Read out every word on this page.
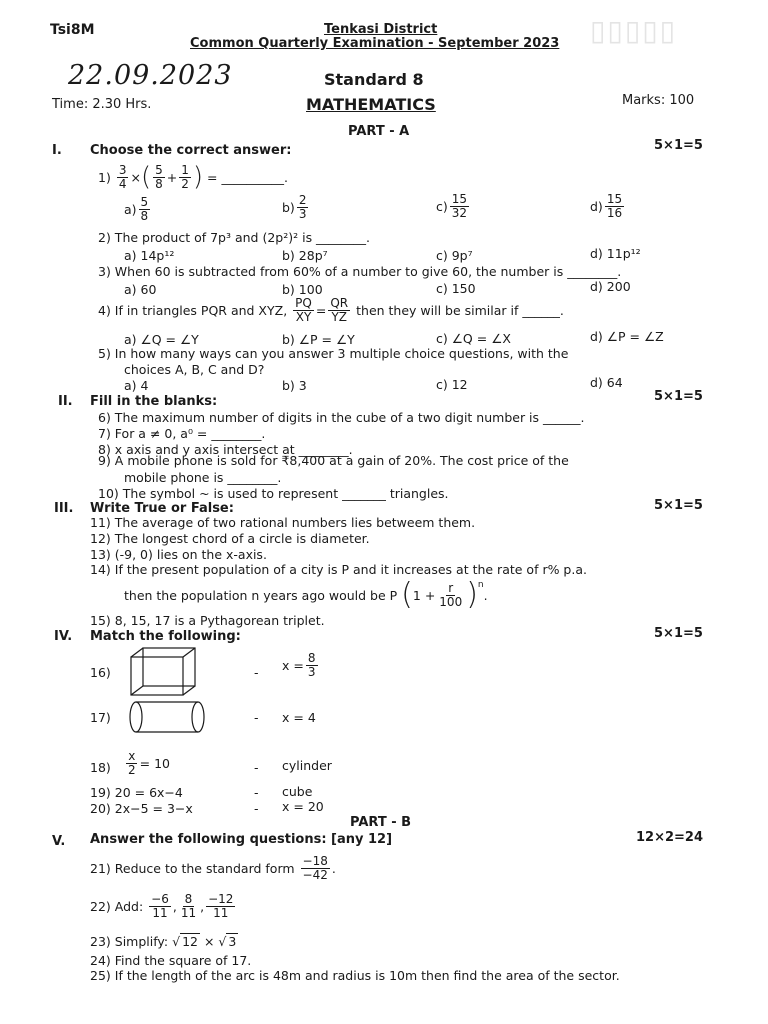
Tsi8M	Tenkasi District
Common Quarterly Examination - September 2023 ▯▯▯▯▯
22.09.2023	Standard 8
Time: 2.30 Hrs.	MATHEMATICS	Marks: 100
PART - A
I. Choose the correct answer:	5×1=5
1)
$\frac{3}{4}$ × ( $\frac{5}{8} + \frac{1}{2}$ )
= __________.
$a) \frac{5}{8}$	$b) \frac{2}{3}$	$c) \frac{15}{32}$	$d) \frac{15}{16}$
2) The product of 7p³ and (2p²)² is ________.
a) 14p¹²	b) 28p⁷	c) 9p⁷	d) 11p¹²
3) When 60 is subtracted from 60% of a number to give 60, the number is ________.
a) 60	b) 100	c) 150	d) 200
4) If in triangles PQR and XYZ,
$\frac{PQ}{XY} = \frac{QR}{YZ}$
then they will be similar if ______.
a) ∠Q = ∠Y	b) ∠P = ∠Y	c) ∠Q = ∠X	d) ∠P = ∠Z
5) In how many ways can you answer 3 multiple choice questions, with the
choices A, B, C and D?
a) 4	b) 3	c) 12	d) 64
II. Fill in the blanks:	5×1=5
6) The maximum number of digits in the cube of a two digit number is ______.
7) For a ≠ 0, a⁰ = ________.
8) x axis and y axis intersect at ________.
9) A mobile phone is sold for ₹8,400 at a gain of 20%. The cost price of the
mobile phone is ________.
10) The symbol ~ is used to represent _______ triangles.
III. Write True or False:	5×1=5
11) The average of two rational numbers lies betweem them.
12) The longest chord of a circle is diameter.
13) (-9, 0) lies on the x-axis.
14) If the present population of a city is P and it increases at the rate of r% p.a.
then the population n years ago would be P
( $1 + \frac{r}{100}$ ) n
.
15) 8, 15, 17 is a Pythagorean triplet.
IV. Match the following:	5×1=5
16)	- $x = \frac{8}{3}$
17)	- x = 4
$18) \frac{x}{2} = 10$	- cylinder
19) 20 = 6x−4	- cube
20) 2x−5 = 3−x	- x = 20
PART - B
V. Answer the following questions: [any 12]	12×2=24
21) Reduce to the standard form
$\frac{-18}{-42}$ .
22) Add:
$\frac{-6}{11}$ , $\frac{8}{11}$ , $\frac{-12}{11}$
23) Simplify:
√ 12 × √ 3
24) Find the square of 17.
25) If the length of the arc is 48m and radius is 10m then find the area of the sector.
